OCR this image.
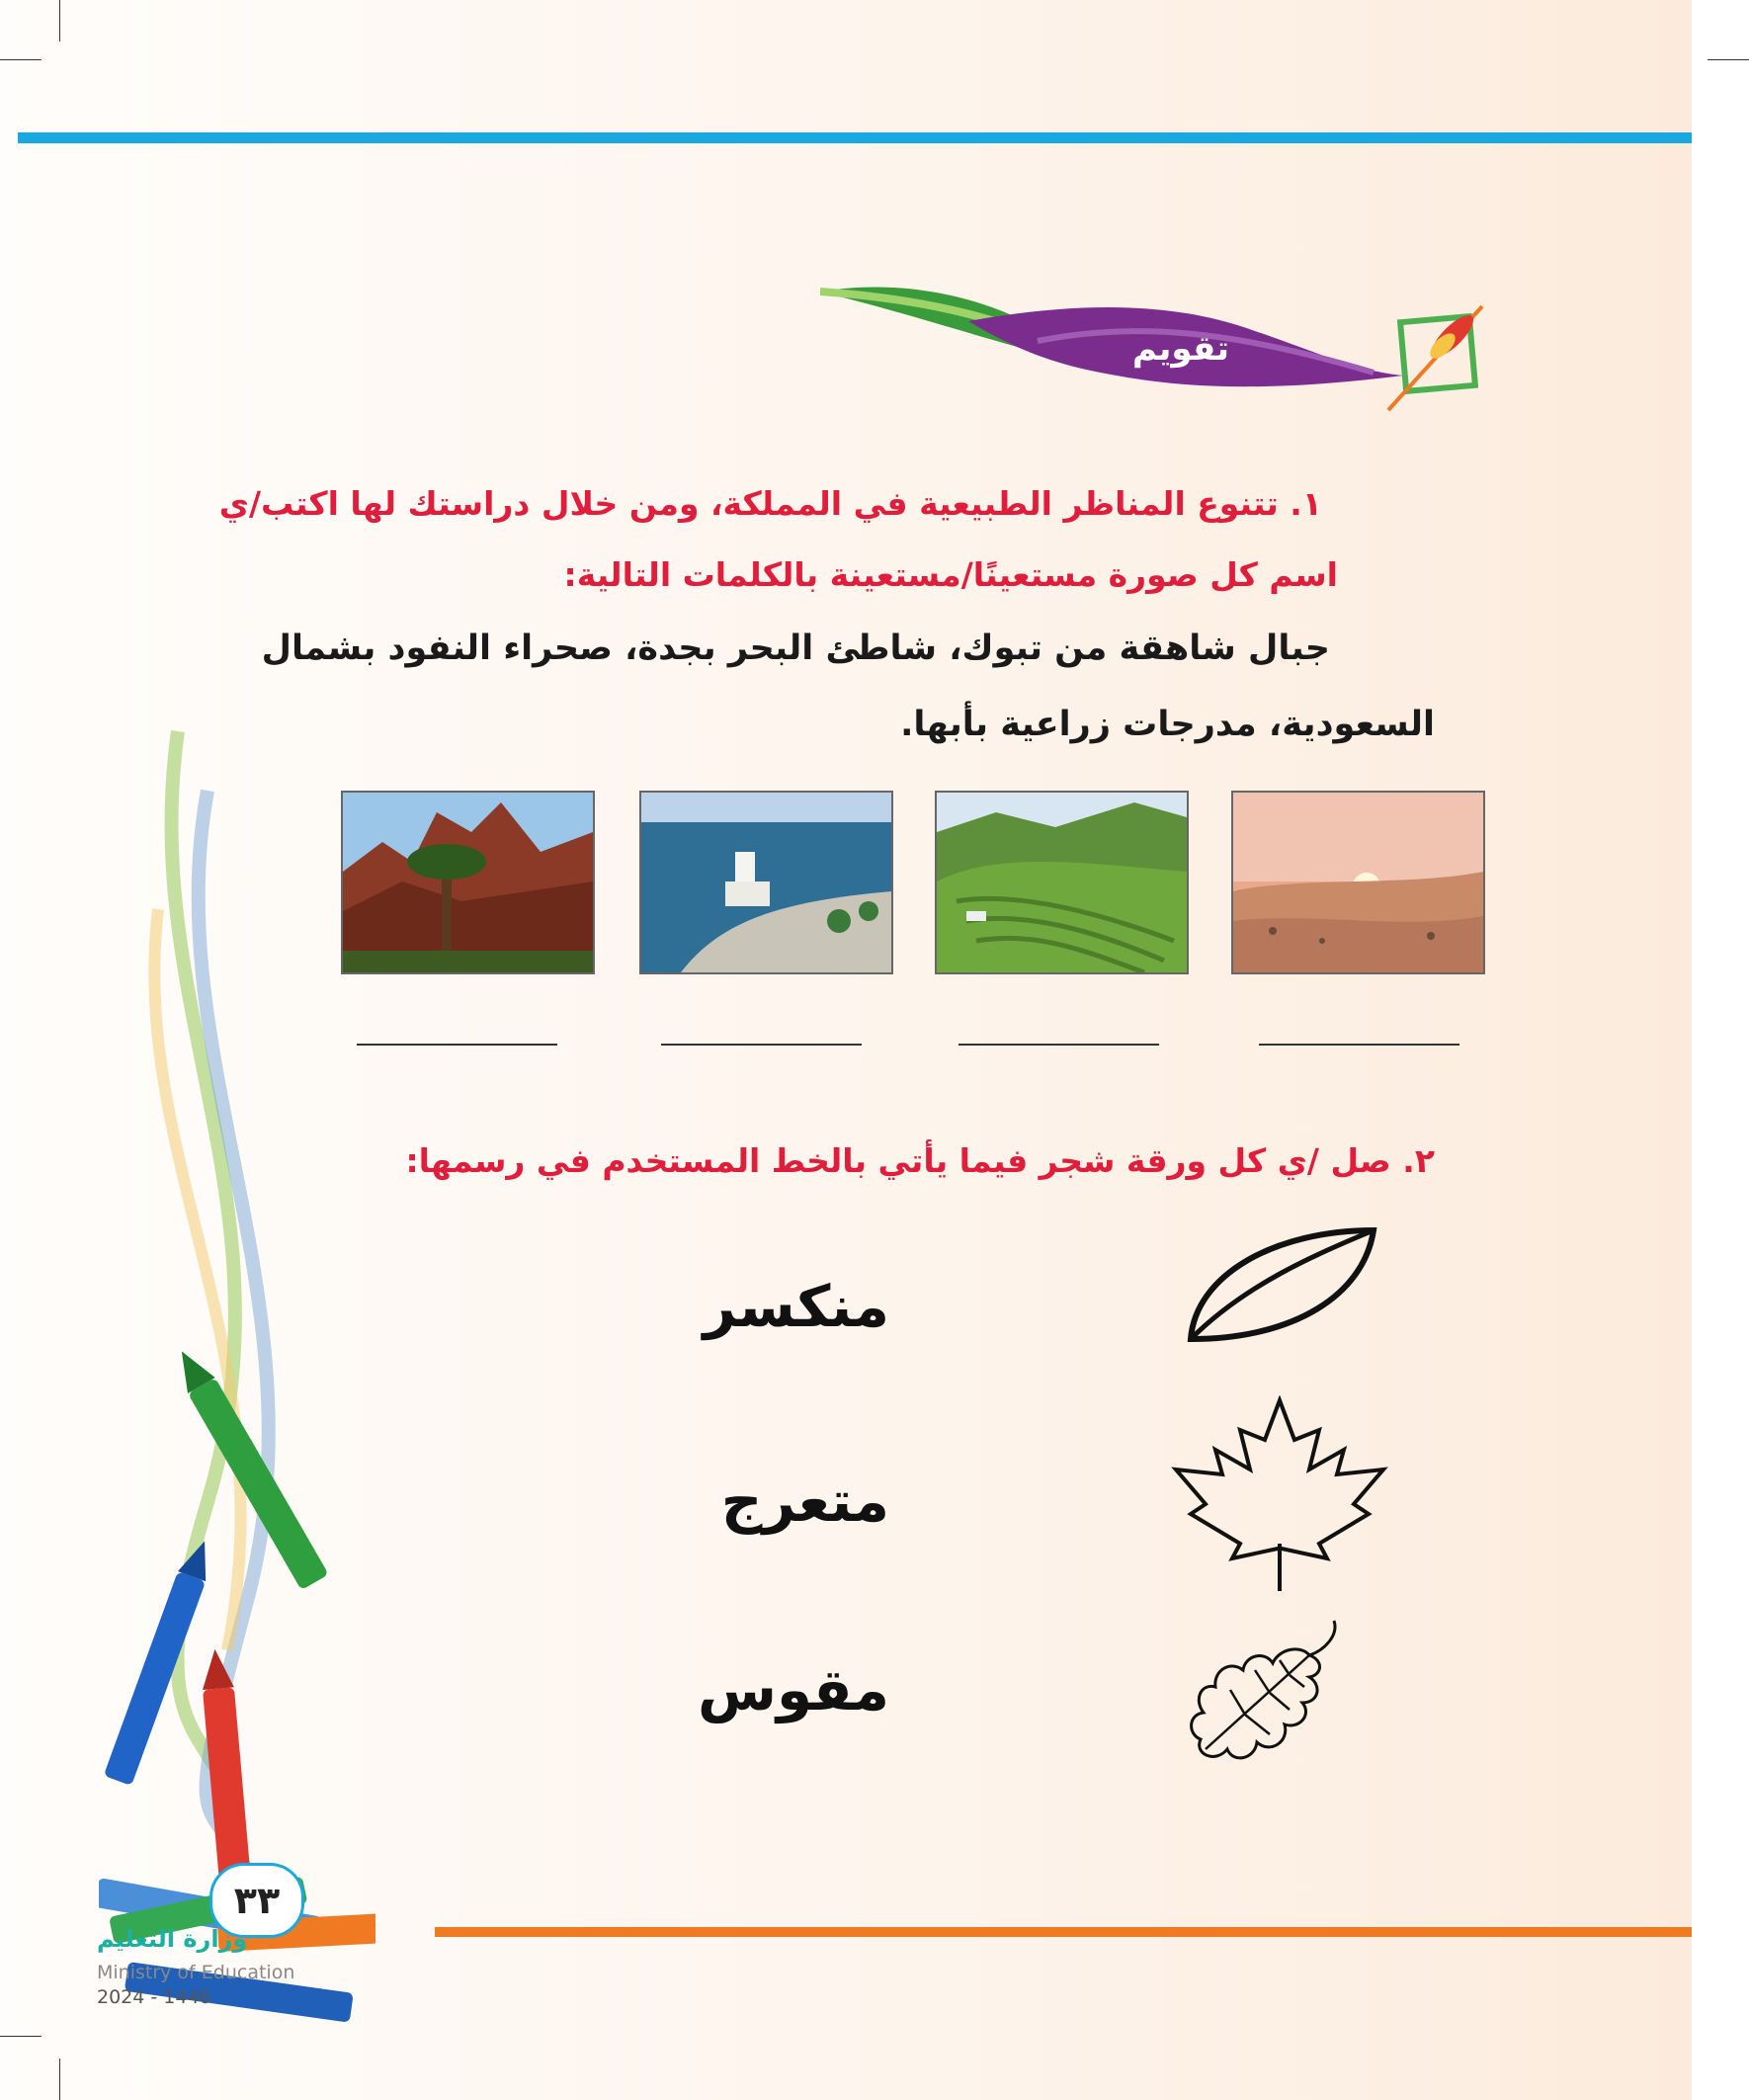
تقويم
١. تتنوع المناظر الطبيعية في المملكة، ومن خلال دراستك لها اكتب/ي
اسم كل صورة مستعينًا/مستعينة بالكلمات التالية:
جبال شاهقة من تبوك، شاطئ البحر بجدة، صحراء النفود بشمال
السعودية، مدرجات زراعية بأبها.
٢. صل /ي كل ورقة شجر فيما يأتي بالخط المستخدم في رسمها:
منكسر
متعرج
مقوس
٣٣
وزارة التعليم
Ministry of Education
2024 - 1446
